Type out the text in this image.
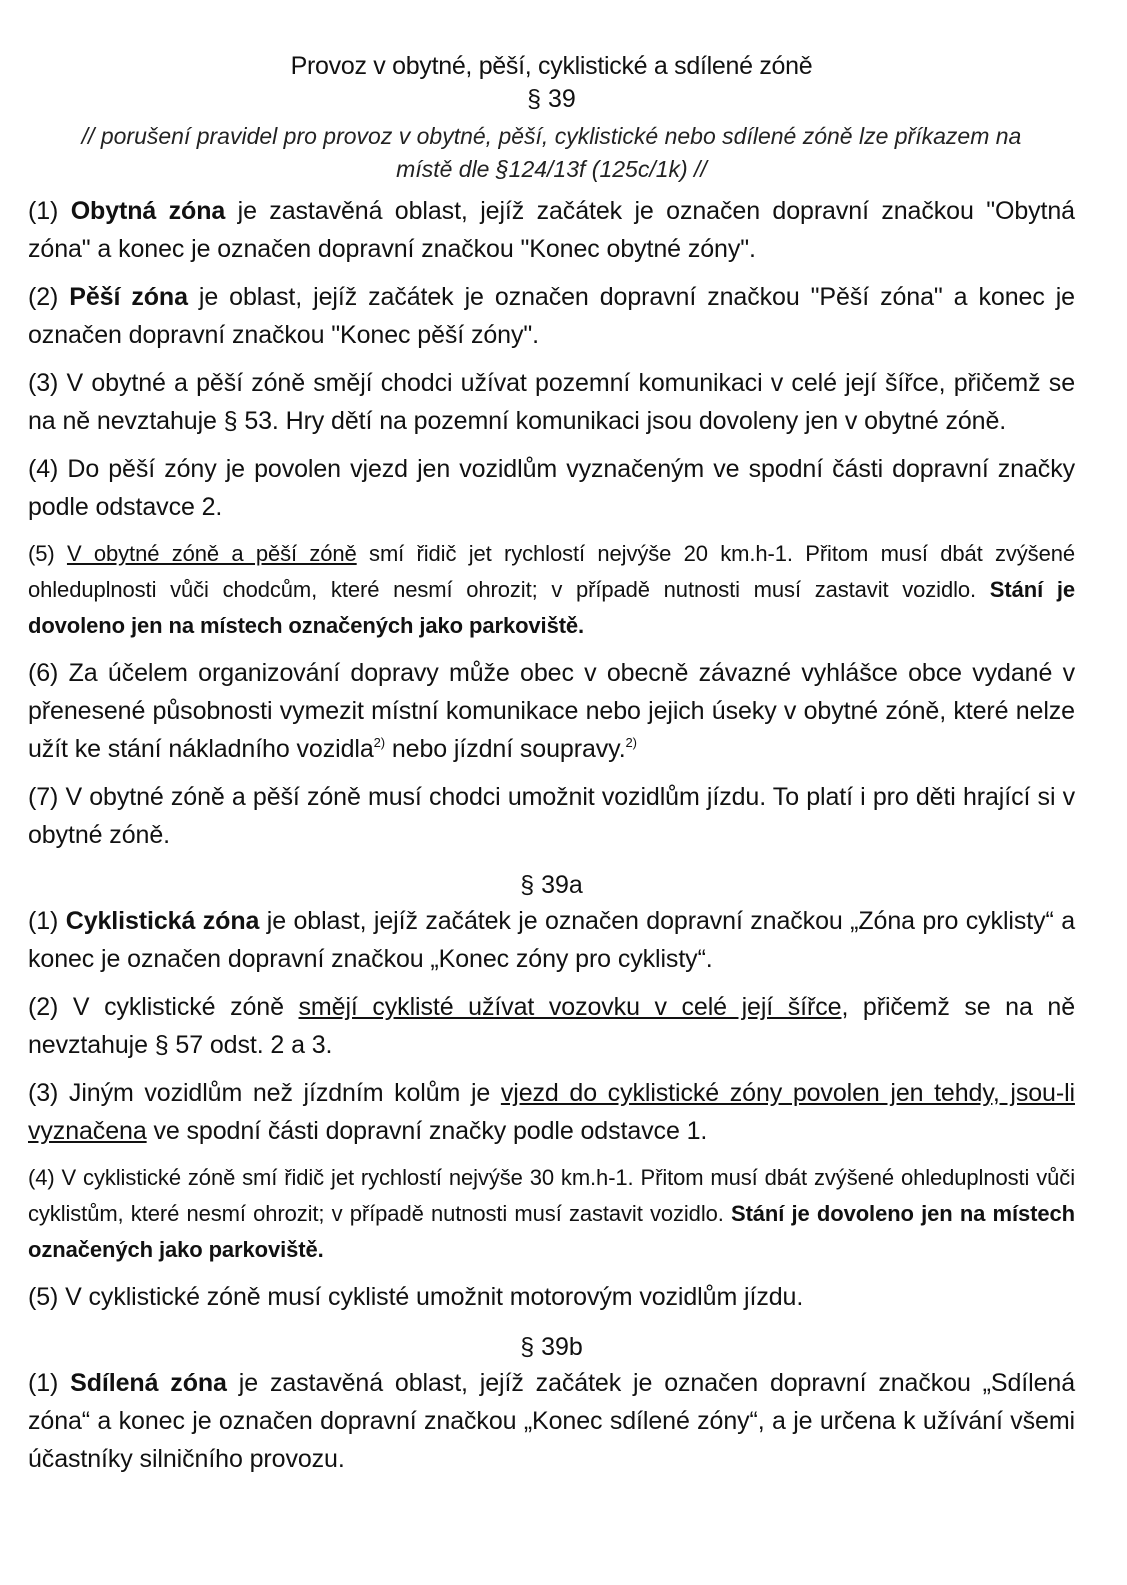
Provoz v obytné, pěší, cyklistické a sdílené zóně

§ 39

// porušení pravidel pro provoz v obytné, pěší, cyklistické nebo sdílené zóně lze příkazem na
místě dle §124/13f (125c/1k) //

(1) Obytná zóna je zastavěná oblast, jejíž začátek je označen dopravní značkou "Obytná zóna" a konec je označen dopravní značkou "Konec obytné zóny".

(2) Pěší zóna je oblast, jejíž začátek je označen dopravní značkou "Pěší zóna" a konec je označen dopravní značkou "Konec pěší zóny".

(3) V obytné a pěší zóně smějí chodci užívat pozemní komunikaci v celé její šířce, přičemž se na ně nevztahuje § 53. Hry dětí na pozemní komunikaci jsou dovoleny jen v obytné zóně.

(4) Do pěší zóny je povolen vjezd jen vozidlům vyznačeným ve spodní části dopravní značky podle odstavce 2.

(5) V obytné zóně a pěší zóně smí řidič jet rychlostí nejvýše 20 km.h-1. Přitom musí dbát zvýšené ohleduplnosti vůči chodcům, které nesmí ohrozit; v případě nutnosti musí zastavit vozidlo. Stání je dovoleno jen na místech označených jako parkoviště.

(6) Za účelem organizování dopravy může obec v obecně závazné vyhlášce obce vydané v přenesené působnosti vymezit místní komunikace nebo jejich úseky v obytné zóně, které nelze užít ke stání nákladního vozidla$^{2)}$ nebo jízdní soupravy.$^{2)}$

(7) V obytné zóně a pěší zóně musí chodci umožnit vozidlům jízdu. To platí i pro děti hrající si v obytné zóně.

§ 39a

(1) Cyklistická zóna je oblast, jejíž začátek je označen dopravní značkou „Zóna pro cyklisty“ a konec je označen dopravní značkou „Konec zóny pro cyklisty“.

(2) V cyklistické zóně smějí cyklisté užívat vozovku v celé její šířce, přičemž se na ně nevztahuje § 57 odst. 2 a 3.

(3) Jiným vozidlům než jízdním kolům je vjezd do cyklistické zóny povolen jen tehdy, jsou-li vyznačena ve spodní části dopravní značky podle odstavce 1.

(4) V cyklistické zóně smí řidič jet rychlostí nejvýše 30 km.h-1. Přitom musí dbát zvýšené ohleduplnosti vůči cyklistům, které nesmí ohrozit; v případě nutnosti musí zastavit vozidlo. Stání je dovoleno jen na místech označených jako parkoviště.

(5) V cyklistické zóně musí cyklisté umožnit motorovým vozidlům jízdu.

§ 39b

(1) Sdílená zóna je zastavěná oblast, jejíž začátek je označen dopravní značkou „Sdílená zóna“ a konec je označen dopravní značkou „Konec sdílené zóny“, a je určena k užívání všemi účastníky silničního provozu.
